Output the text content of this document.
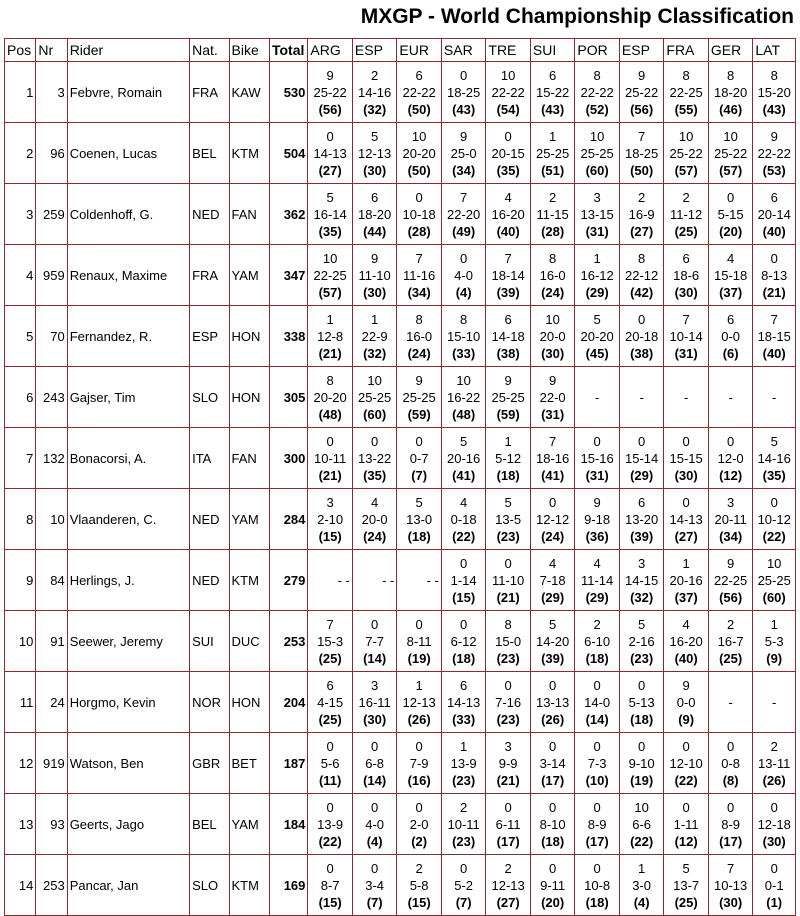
MXGP - World Championship Classification
Pos	Nr	Rider	Nat.	Bike	Total	ARG	ESP	EUR	SAR	TRE	SUI	POR	ESP	FRA	GER	LAT
1	3	Febvre, Romain	FRA	KAW	530	9
25-22
(56)	2
14-16
(32)	6
22-22
(50)	0
18-25
(43)	10
22-22
(54)	6
15-22
(43)	8
22-22
(52)	9
25-22
(56)	8
22-25
(55)	8
18-20
(46)	8
15-20
(43)

2	96	Coenen, Lucas	BEL	KTM	504	0
14-13
(27)	5
12-13
(30)	10
20-20
(50)	9
25-0
(34)	0
20-15
(35)	1
25-25
(51)	10
25-25
(60)	7
18-25
(50)	10
25-22
(57)	10
25-22
(57)	9
22-22
(53)

3	259	Coldenhoff, G.	NED	FAN	362	5
16-14
(35)	6
18-20
(44)	0
10-18
(28)	7
22-20
(49)	4
16-20
(40)	2
11-15
(28)	3
13-15
(31)	2
16-9
(27)	2
11-12
(25)	0
5-15
(20)	6
20-14
(40)

4	959	Renaux, Maxime	FRA	YAM	347	10
22-25
(57)	9
11-10
(30)	7
11-16
(34)	0
4-0
(4)	7
18-14
(39)	8
16-0
(24)	1
16-12
(29)	8
22-12
(42)	6
18-6
(30)	4
15-18
(37)	0
8-13
(21)

5	70	Fernandez, R.	ESP	HON	338	1
12-8
(21)	1
22-9
(32)	8
16-0
(24)	8
15-10
(33)	6
14-18
(38)	10
20-0
(30)	5
20-20
(45)	0
20-18
(38)	7
10-14
(31)	6
0-0
(6)	7
18-15
(40)

6	243	Gajser, Tim	SLO	HON	305	8
20-20
(48)	10
25-25
(60)	9
25-25
(59)	10
16-22
(48)	9
25-25
(59)	9
22-0
(31)	-	-	-	-	-

7	132	Bonacorsi, A.	ITA	FAN	300	0
10-11
(21)	0
13-22
(35)	0
0-7
(7)	5
20-16
(41)	1
5-12
(18)	7
18-16
(41)	0
15-16
(31)	0
15-14
(29)	0
15-15
(30)	0
12-0
(12)	5
14-16
(35)

8	10	Vlaanderen, C.	NED	YAM	284	3
2-10
(15)	4
20-0
(24)	5
13-0
(18)	4
0-18
(22)	5
13-5
(23)	0
12-12
(24)	9
9-18
(36)	6
13-20
(39)	0
14-13
(27)	3
20-11
(34)	0
10-12
(22)

9	84	Herlings, J.	NED	KTM	279	- -	- -	- -	0
1-14
(15)	0
11-10
(21)	4
7-18
(29)	4
11-14
(29)	3
14-15
(32)	1
20-16
(37)	9
22-25
(56)	10
25-25
(60)

10	91	Seewer, Jeremy	SUI	DUC	253	7
15-3
(25)	0
7-7
(14)	0
8-11
(19)	0
6-12
(18)	8
15-0
(23)	5
14-20
(39)	2
6-10
(18)	5
2-16
(23)	4
16-20
(40)	2
16-7
(25)	1
5-3
(9)

11	24	Horgmo, Kevin	NOR	HON	204	6
4-15
(25)	3
16-11
(30)	1
12-13
(26)	6
14-13
(33)	0
7-16
(23)	0
13-13
(26)	0
14-0
(14)	0
5-13
(18)	9
0-0
(9)	-	-

12	919	Watson, Ben	GBR	BET	187	0
5-6
(11)	0
6-8
(14)	0
7-9
(16)	1
13-9
(23)	3
9-9
(21)	0
3-14
(17)	0
7-3
(10)	0
9-10
(19)	0
12-10
(22)	0
0-8
(8)	2
13-11
(26)

13	93	Geerts, Jago	BEL	YAM	184	0
13-9
(22)	0
4-0
(4)	0
2-0
(2)	2
10-11
(23)	0
6-11
(17)	0
8-10
(18)	0
8-9
(17)	10
6-6
(22)	0
1-11
(12)	0
8-9
(17)	0
12-18
(30)

14	253	Pancar, Jan	SLO	KTM	169	0
8-7
(15)	0
3-4
(7)	2
5-8
(15)	0
5-2
(7)	2
12-13
(27)	0
9-11
(20)	0
10-8
(18)	1
3-0
(4)	5
13-7
(25)	7
10-13
(30)	0
0-1
(1)
